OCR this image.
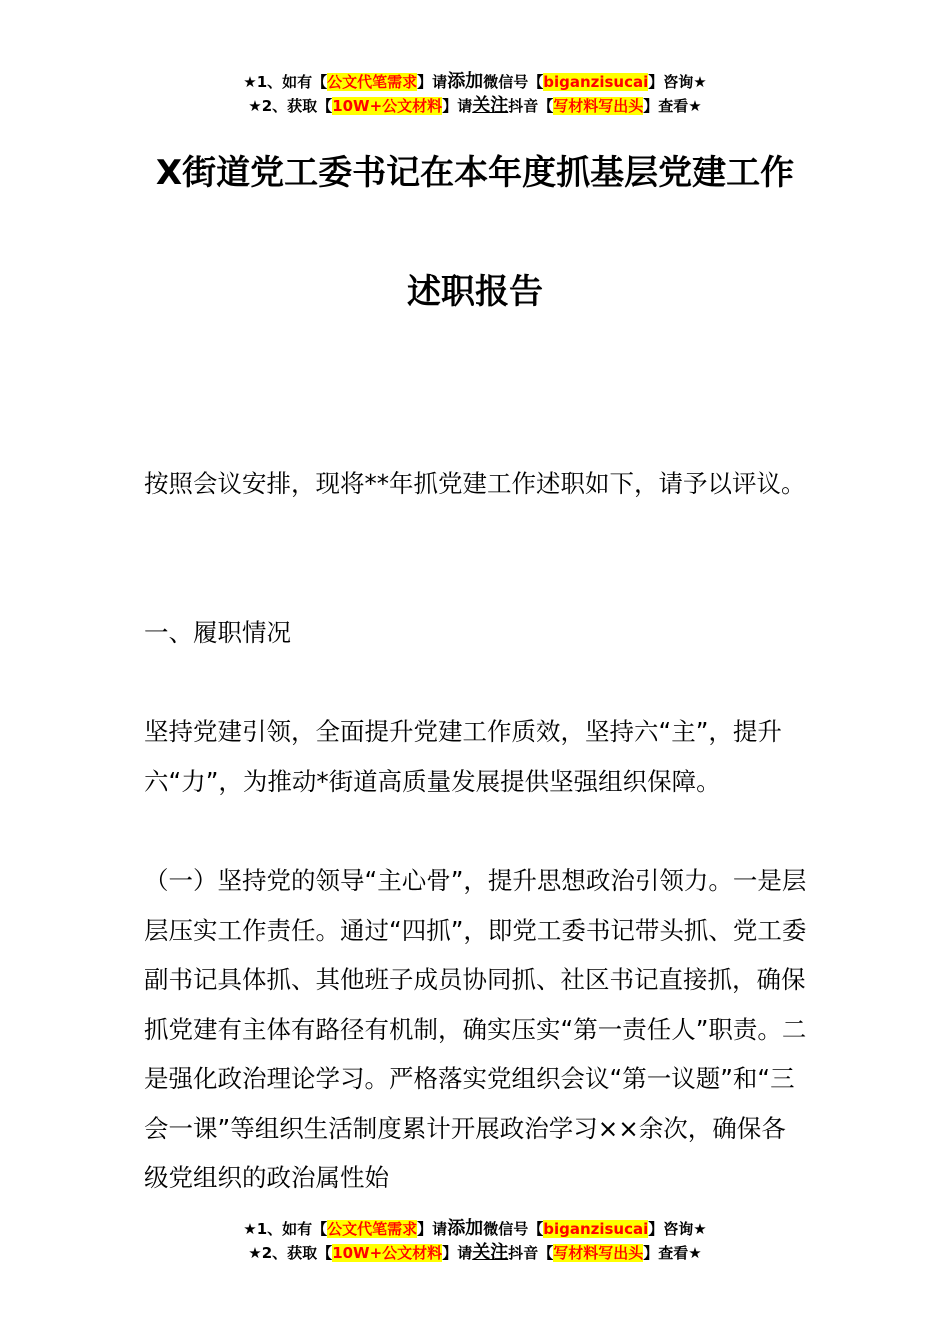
★1、如有【公文代笔需求】请添加微信号【biganzisucai】咨询★
★2、获取【10W+公文材料】请关注抖音【写材料写出头】查看★
X街道党工委书记在本年度抓基层党建工作
述职报告

按照会议安排，现将**年抓党建工作述职如下，请予以评议。

一、履职情况

坚持党建引领，全面提升党建工作质效，坚持六“主”，提升六“力”，为推动*街道高质量发展提供坚强组织保障。

（一）坚持党的领导“主心骨”，提升思想政治引领力。一是层层压实工作责任。通过“四抓”，即党工委书记带头抓、党工委副书记具体抓、其他班子成员协同抓、社区书记直接抓，确保抓党建有主体有路径有机制，确实压实“第一责任人”职责。二是强化政治理论学习。严格落实党组织会议“第一议题”和“三会一课”等组织生活制度累计开展政治学习××余次，确保各级党组织的政治属性始

★1、如有【公文代笔需求】请添加微信号【biganzisucai】咨询★
★2、获取【10W+公文材料】请关注抖音【写材料写出头】查看★
